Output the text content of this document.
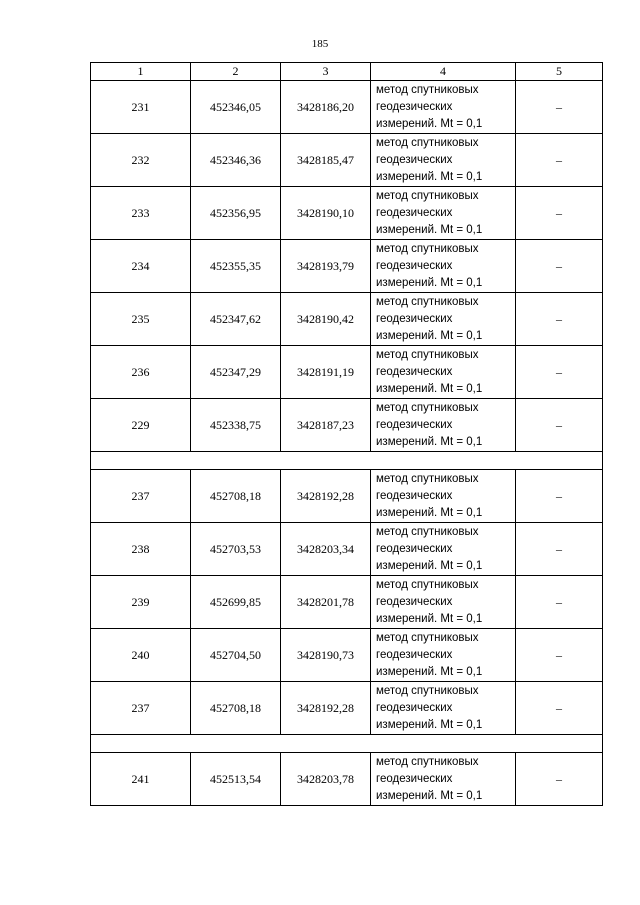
185
1	2	3	4	5
231	452346,05	3428186,20	метод спутниковых
геодезических
измерений. Mt = 0,1	–
232	452346,36	3428185,47	метод спутниковых
геодезических
измерений. Mt = 0,1	–
233	452356,95	3428190,10	метод спутниковых
геодезических
измерений. Mt = 0,1	–
234	452355,35	3428193,79	метод спутниковых
геодезических
измерений. Mt = 0,1	–
235	452347,62	3428190,42	метод спутниковых
геодезических
измерений. Mt = 0,1	–
236	452347,29	3428191,19	метод спутниковых
геодезических
измерений. Mt = 0,1	–
229	452338,75	3428187,23	метод спутниковых
геодезических
измерений. Mt = 0,1	–

237	452708,18	3428192,28	метод спутниковых
геодезических
измерений. Mt = 0,1	–
238	452703,53	3428203,34	метод спутниковых
геодезических
измерений. Mt = 0,1	–
239	452699,85	3428201,78	метод спутниковых
геодезических
измерений. Mt = 0,1	–
240	452704,50	3428190,73	метод спутниковых
геодезических
измерений. Mt = 0,1	–
237	452708,18	3428192,28	метод спутниковых
геодезических
измерений. Mt = 0,1	–

241	452513,54	3428203,78	метод спутниковых
геодезических
измерений. Mt = 0,1	–
